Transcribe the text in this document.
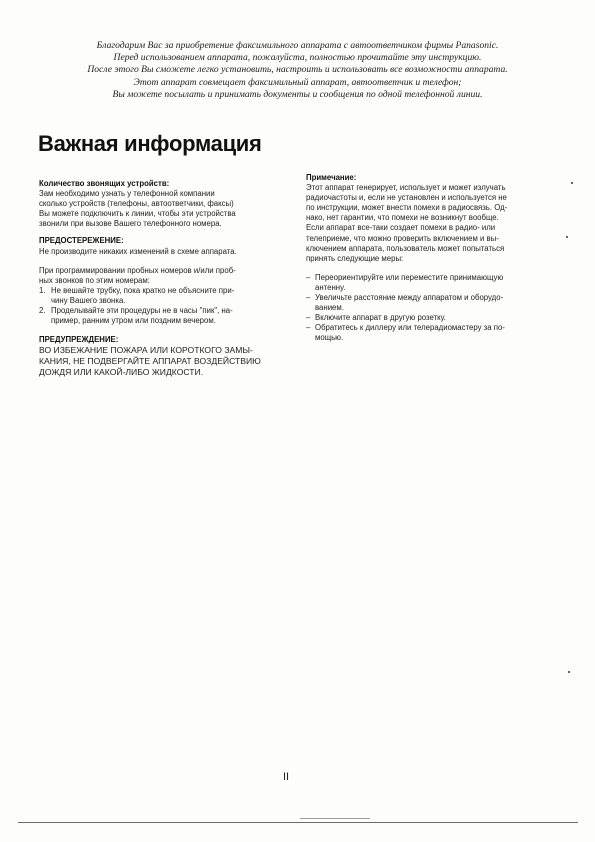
Благодарим Вас за приобретение факсимильного аппарата с автоответчиком фирмы Panasonic.
Перед использованием аппарата, пожалуйста, полностью прочитайте эту инструкцию.
После этого Вы сможете легко установить, настроить и использовать все возможности аппарата.
Этот аппарат совмещает факсимильный аппарат, автоответчик и телефон;
Вы можете посылать и принимать документы и сообщения по одной телефонной линии.
Важная информация
Количество звонящих устройств:
Зам необходимо узнать у телефонной компании
сколько устройств (телефоны, автоответчики, факсы)
Вы можете подключить к линии, чтобы эти устройства
звонили при вызове Вашего телефонного номера.
ПРЕДОСТЕРЕЖЕНИЕ:
Не производите никаких изменений в схеме аппарата.
При программировании пробных номеров и/или проб-
ных звонков по этим номерам:
1. Не вешайте трубку, пока кратко не объясните при-
чину Вашего звонка.
2. Проделывайте эти процедуры не в часы "пик", на-
пример, ранним утром или поздним вечером.
ПРЕДУПРЕЖДЕНИЕ:
ВО ИЗБЕЖАНИЕ ПОЖАРА ИЛИ КОРОТКОГО ЗАМЫ-
КАНИЯ, НЕ ПОДВЕРГАЙТЕ АППАРАТ ВОЗДЕЙСТВИЮ
ДОЖДЯ ИЛИ КАКОЙ-ЛИБО ЖИДКОСТИ.
Примечание:
Этот аппарат генерирует, использует и может излучать
радиочастоты и, если не установлен и используется не
по инструкции, может внести помехи в радиосвязь. Од-
нако, нет гарантии, что помехи не возникнут вообще.
Если аппарат все-таки создает помехи в радио- или
телеприеме, что можно проверить включением и вы-
ключением аппарата, пользователь может попытаться
принять следующие меры:
– Переориентируйте или переместите принимающую
антенну.
– Увеличьте расстояние между аппаратом и оборудо-
ванием.
– Включите аппарат в другую розетку.
– Обратитесь к диллеру или телерадиомастеру за по-
мощью.
II
